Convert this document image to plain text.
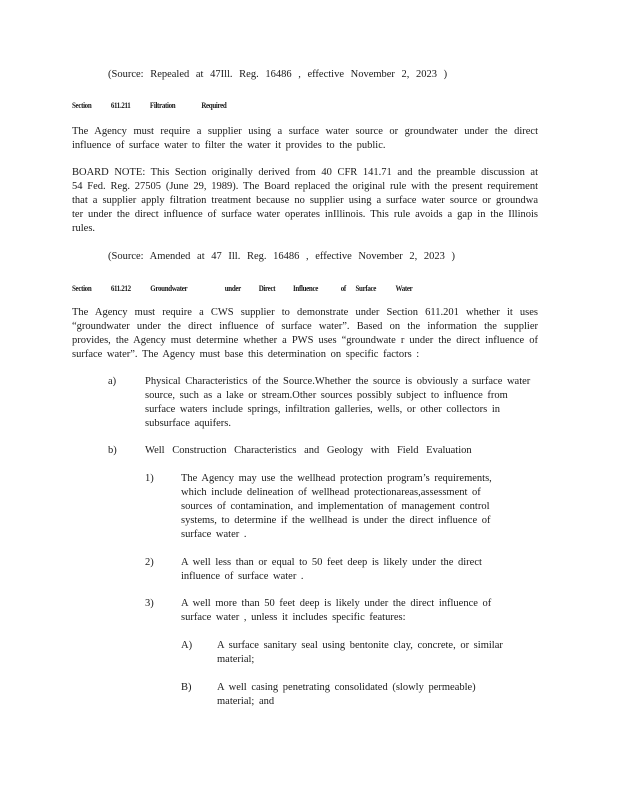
(Source: Repealed at 47Ill. Reg. 16486 , effective November 2, 2023 )
Section 611.211 Filtration	Required
The Agency must require a supplier using a surface water source or groundwater under the direct influence of surface water to filter the water it provides to the public.
BOARD NOTE: This Section originally derived from 40 CFR 141.71 and the preamble discussion at 54 Fed. Reg. 27505 (June 29, 1989). The Board replaced the original rule with the present requirement that a supplier apply filtration treatment because no supplier using a surface water source or groundwa ter under the direct influence of surface water operates inIllinois. This rule avoids a gap in the Illinois rules.
(Source: Amended at 47 Ill. Reg. 16486 , effective November 2, 2023 )
Section 611.212 Groundwater	under Direct Influence	of Surface Water
The Agency must require a CWS supplier to demonstrate under Section 611.201 whether it uses “groundwater under the direct influence of surface water”. Based on the information the supplier provides, the Agency must determine whether a PWS uses “groundwate r under the direct influence of surface water”. The Agency must base this determination on specific factors :
a)	Physical Characteristics of the Source.Whether the source is obviously a surface water source, such as a lake or stream.Other sources possibly subject to influence from surface waters include springs, infiltration galleries, wells, or other collectors in subsurface aquifers.
b)	Well Construction Characteristics and Geology with Field Evaluation
1)	The Agency may use the wellhead protection program’s requirements, which include delineation of wellhead protectionareas,assessment of sources of contamination, and implementation of management control systems, to determine if the wellhead is under the direct influence of surface water .
2)	A well less than or equal to 50 feet deep is likely under the direct influence of surface water .
3)	A well more than 50 feet deep is likely under the direct influence of surface water , unless it includes specific features:
A) A surface sanitary seal using bentonite clay, concrete, or similar material;
B) A well casing penetrating consolidated (slowly permeable) material; and
